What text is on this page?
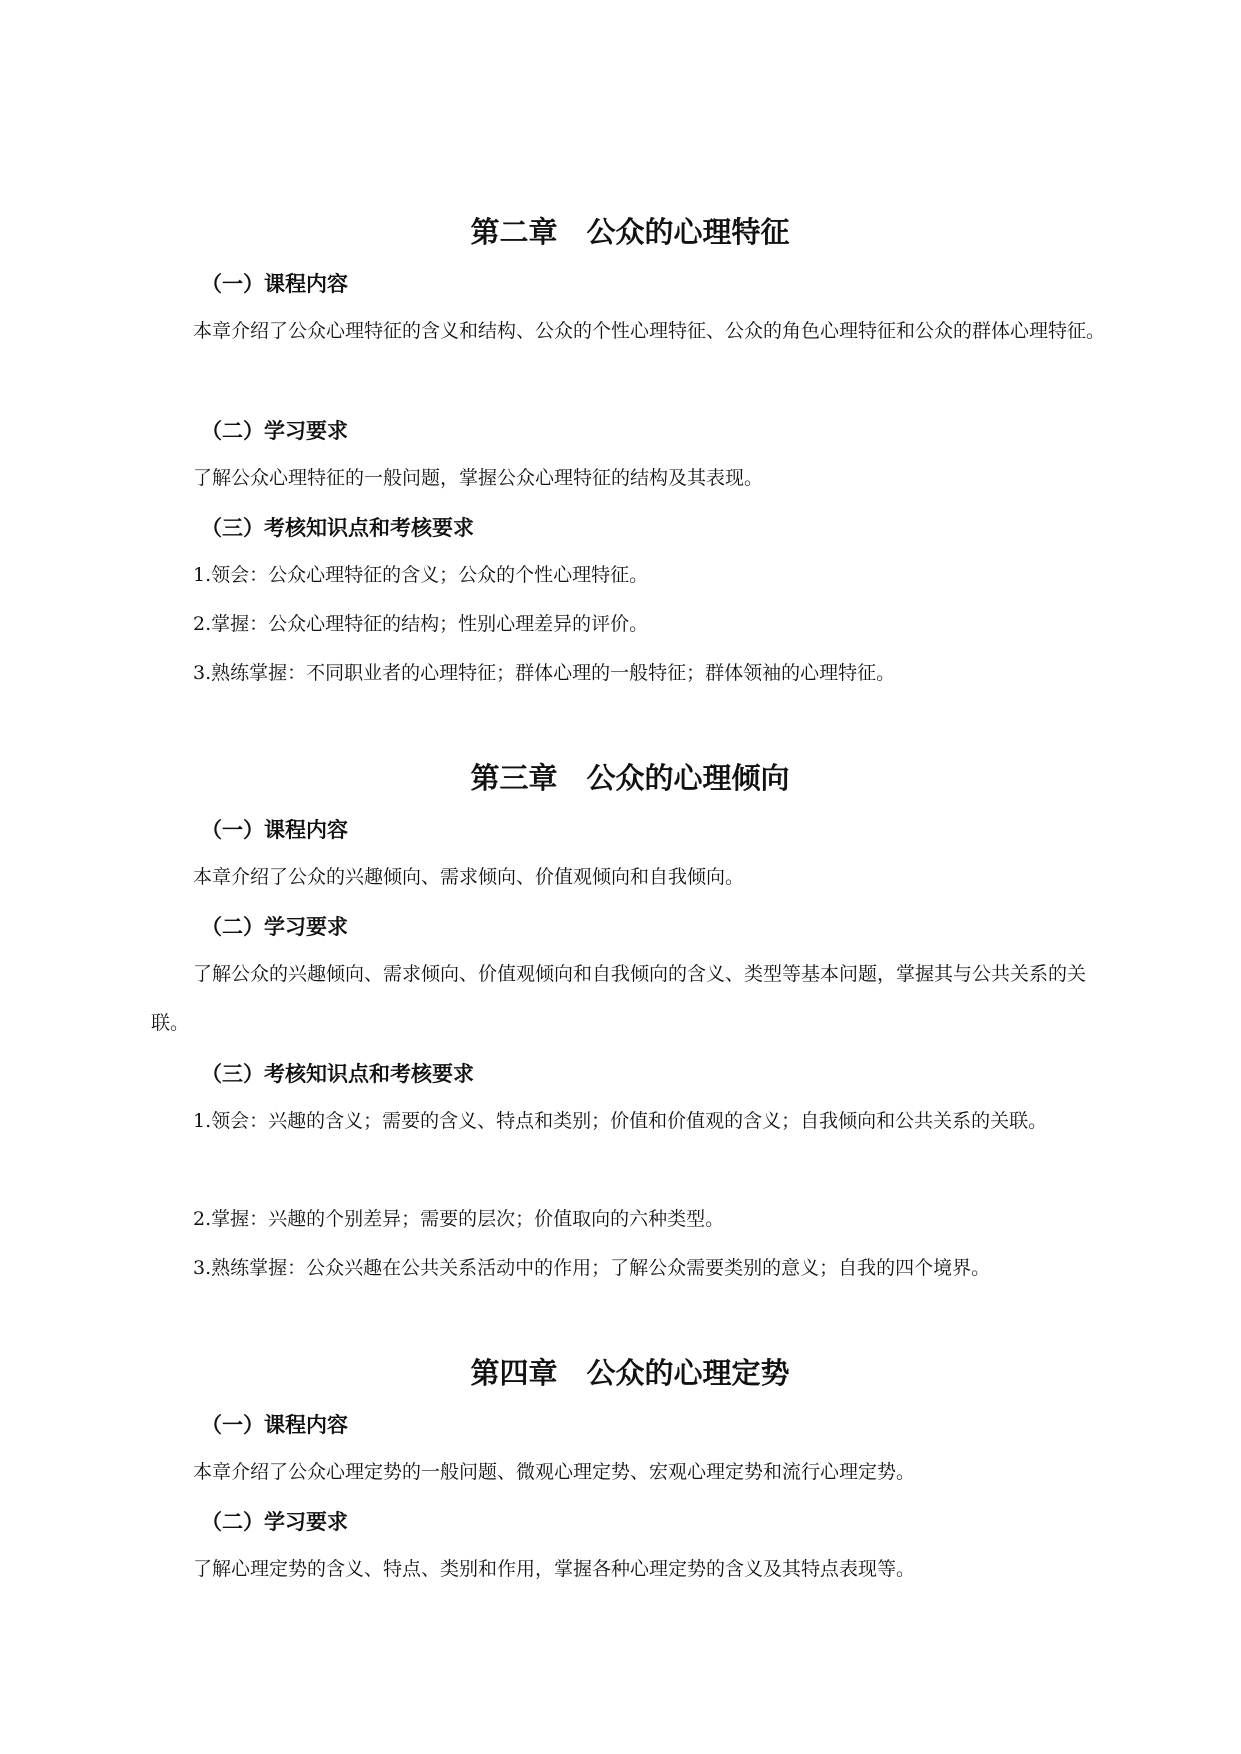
第二章　公众的心理特征
（一）课程内容

本章介绍了公众心理特征的含义和结构、公众的个性心理特征、公众的角色心理特征和公众的群体心理特征。

（二）学习要求

了解公众心理特征的一般问题，掌握公众心理特征的结构及其表现。

（三）考核知识点和考核要求

1.领会：公众心理特征的含义；公众的个性心理特征。

2.掌握：公众心理特征的结构；性别心理差异的评价。

3.熟练掌握：不同职业者的心理特征；群体心理的一般特征；群体领袖的心理特征。

第三章　公众的心理倾向
（一）课程内容

本章介绍了公众的兴趣倾向、需求倾向、价值观倾向和自我倾向。

（二）学习要求

了解公众的兴趣倾向、需求倾向、价值观倾向和自我倾向的含义、类型等基本问题，掌握其与公共关系的关联。

（三）考核知识点和考核要求

1.领会：兴趣的含义；需要的含义、特点和类别；价值和价值观的含义；自我倾向和公共关系的关联。

2.掌握：兴趣的个别差异；需要的层次；价值取向的六种类型。

3.熟练掌握：公众兴趣在公共关系活动中的作用；了解公众需要类别的意义；自我的四个境界。

第四章　公众的心理定势
（一）课程内容

本章介绍了公众心理定势的一般问题、微观心理定势、宏观心理定势和流行心理定势。

（二）学习要求

了解心理定势的含义、特点、类别和作用，掌握各种心理定势的含义及其特点表现等。
